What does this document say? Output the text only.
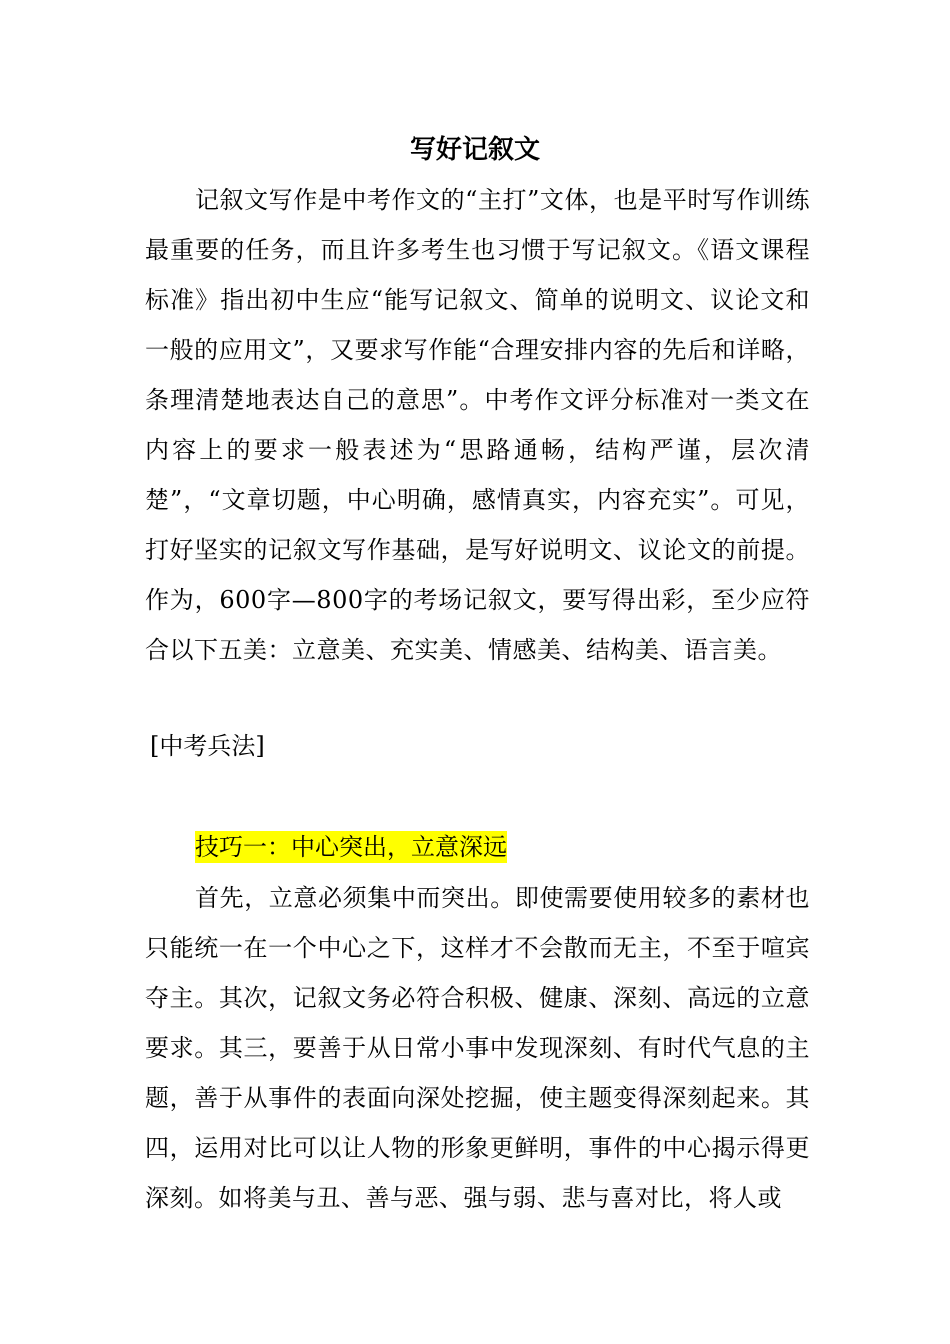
写好记叙文

记叙文写作是中考作文的“主打”文体，也是平时写作训练最重要的任务，而且许多考生也习惯于写记叙文。《语文课程标准》指出初中生应“能写记叙文、简单的说明文、议论文和一般的应用文”，又要求写作能“合理安排内容的先后和详略，条理清楚地表达自己的意思”。中考作文评分标准对一类文在内容上的要求一般表述为“思路通畅，结构严谨，层次清楚”，“文章切题，中心明确，感情真实，内容充实”。可见，打好坚实的记叙文写作基础，是写好说明文、议论文的前提。作为，600字—800字的考场记叙文，要写得出彩，至少应符合以下五美：立意美、充实美、情感美、结构美、语言美。

[中考兵法]

技巧一：中心突出，立意深远

首先，立意必须集中而突出。即使需要使用较多的素材也只能统一在一个中心之下，这样才不会散而无主，不至于喧宾夺主。其次，记叙文务必符合积极、健康、深刻、高远的立意要求。其三，要善于从日常小事中发现深刻、有时代气息的主题，善于从事件的表面向深处挖掘，使主题变得深刻起来。其四，运用对比可以让人物的形象更鲜明，事件的中心揭示得更深刻。如将美与丑、善与恶、强与弱、悲与喜对比，将人或
